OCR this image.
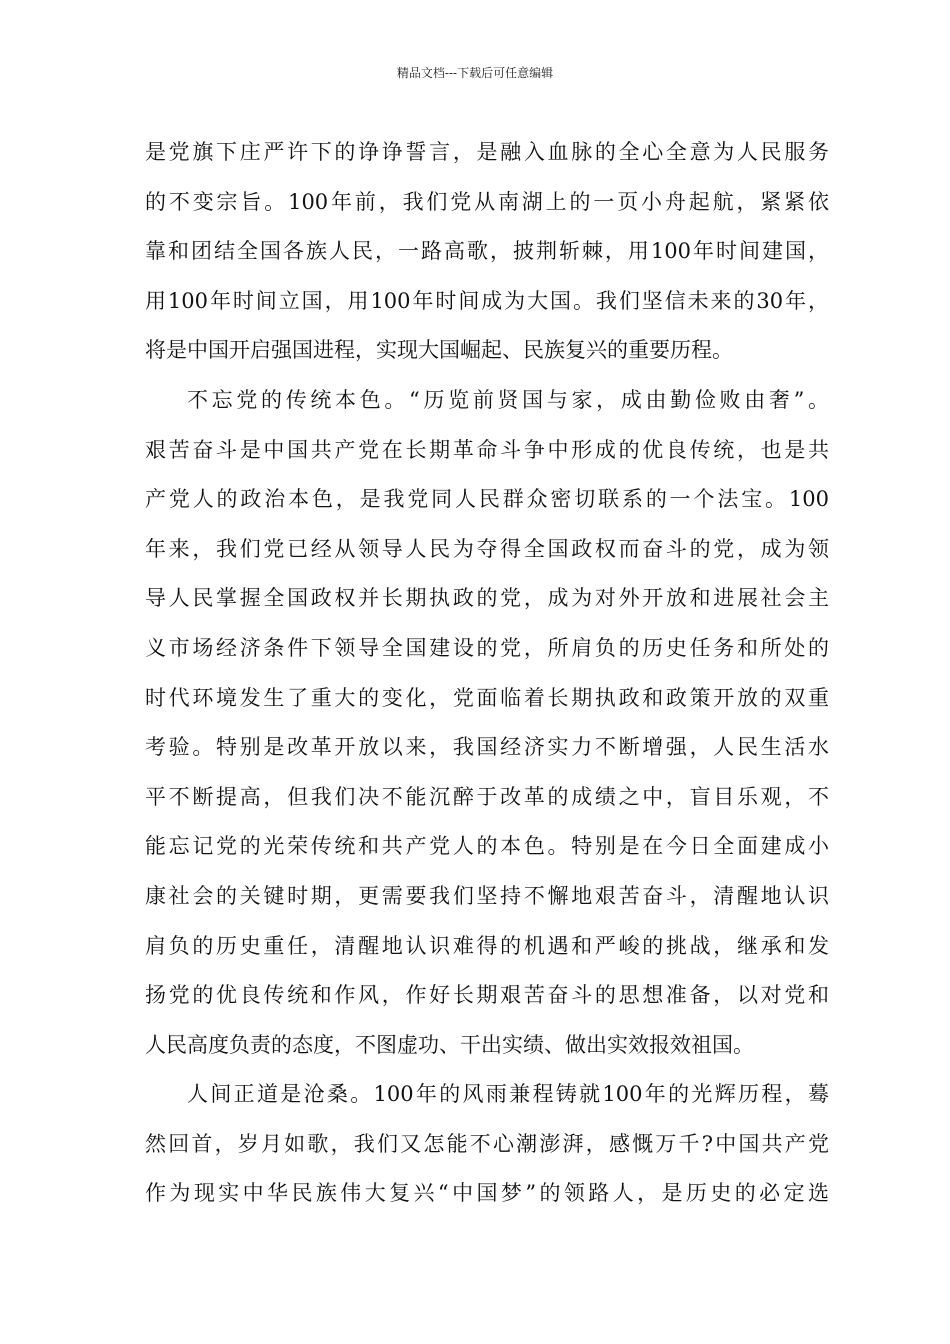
精品文档---下载后可任意编辑
是党旗下庄严许下的诤诤誓言，是融入血脉的全心全意为人民服务
的不变宗旨。100年前，我们党从南湖上的一页小舟起航，紧紧依
靠和团结全国各族人民，一路高歌，披荆斩棘，用100年时间建国，
用100年时间立国，用100年时间成为大国。我们坚信未来的30年，
将是中国开启强国进程，实现大国崛起、民族复兴的重要历程。
不忘党的传统本色。“历览前贤国与家，成由勤俭败由奢”。
艰苦奋斗是中国共产党在长期革命斗争中形成的优良传统，也是共
产党人的政治本色，是我党同人民群众密切联系的一个法宝。100
年来，我们党已经从领导人民为夺得全国政权而奋斗的党，成为领
导人民掌握全国政权并长期执政的党，成为对外开放和进展社会主
义市场经济条件下领导全国建设的党，所肩负的历史任务和所处的
时代环境发生了重大的变化，党面临着长期执政和政策开放的双重
考验。特别是改革开放以来，我国经济实力不断增强，人民生活水
平不断提高，但我们决不能沉醉于改革的成绩之中，盲目乐观，不
能忘记党的光荣传统和共产党人的本色。特别是在今日全面建成小
康社会的关键时期，更需要我们坚持不懈地艰苦奋斗，清醒地认识
肩负的历史重任，清醒地认识难得的机遇和严峻的挑战，继承和发
扬党的优良传统和作风，作好长期艰苦奋斗的思想准备，以对党和
人民高度负责的态度，不图虚功、干出实绩、做出实效报效祖国。
人间正道是沧桑。100年的风雨兼程铸就100年的光辉历程，蓦
然回首，岁月如歌，我们又怎能不心潮澎湃，感慨万千?中国共产党
作为现实中华民族伟大复兴“中国梦”的领路人，是历史的必定选
